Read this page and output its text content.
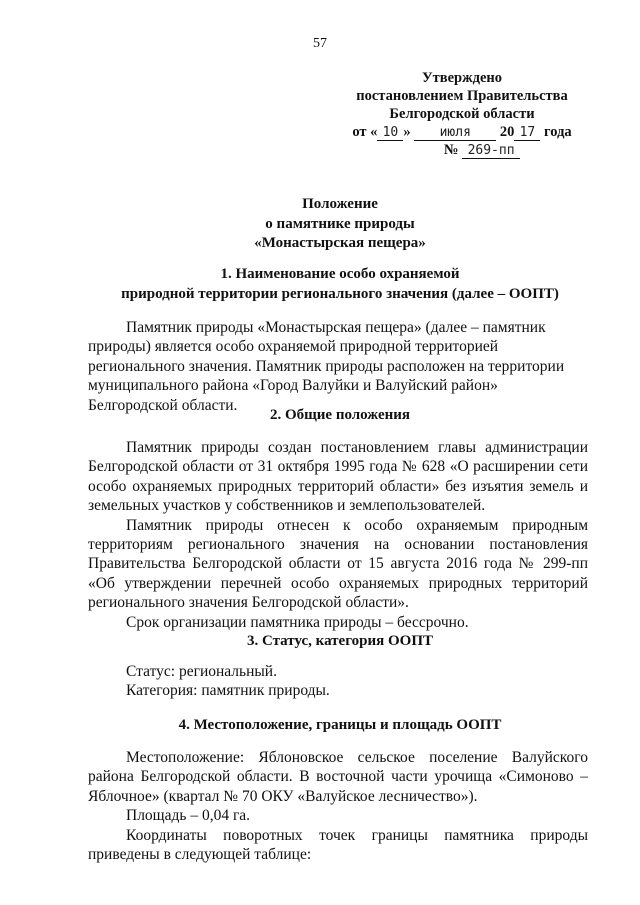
57
Утверждено
постановлением Правительства
Белгородской области
от « 10 » июля 20 17 года
№ 269-пп
Положение
о памятнике природы
«Монастырская пещера»
1. Наименование особо охраняемой
природной территории регионального значения (далее – ООПТ)

Памятник природы «Монастырская пещера» (далее – памятник природы) является особо охраняемой природной территорией регионального значения. Памятник природы расположен на территории муниципального района «Город Валуйки и Валуйский район» Белгородской области.

2. Общие положения

Памятник природы создан постановлением главы администрации Белгородской области от 31 октября 1995 года № 628 «О расширении сети особо охраняемых природных территорий области» без изъятия земель и земельных участков у собственников и землепользователей.

Памятник природы отнесен к особо охраняемым природным территориям регионального значения на основании постановления Правительства Белгородской области от 15 августа 2016 года № 299-пп «Об утверждении перечней особо охраняемых природных территорий регионального значения Белгородской области».

Срок организации памятника природы – бессрочно.

3. Статус, категория ООПТ

Статус: региональный.

Категория: памятник природы.

4. Местоположение, границы и площадь ООПТ

Местоположение: Яблоновское сельское поселение Валуйского района Белгородской области. В восточной части урочища «Симоново – Яблочное» (квартал № 70 ОКУ «Валуйское лесничество»).

Площадь – 0,04 га.

Координаты поворотных точек границы памятника природы приведены в следующей таблице:
